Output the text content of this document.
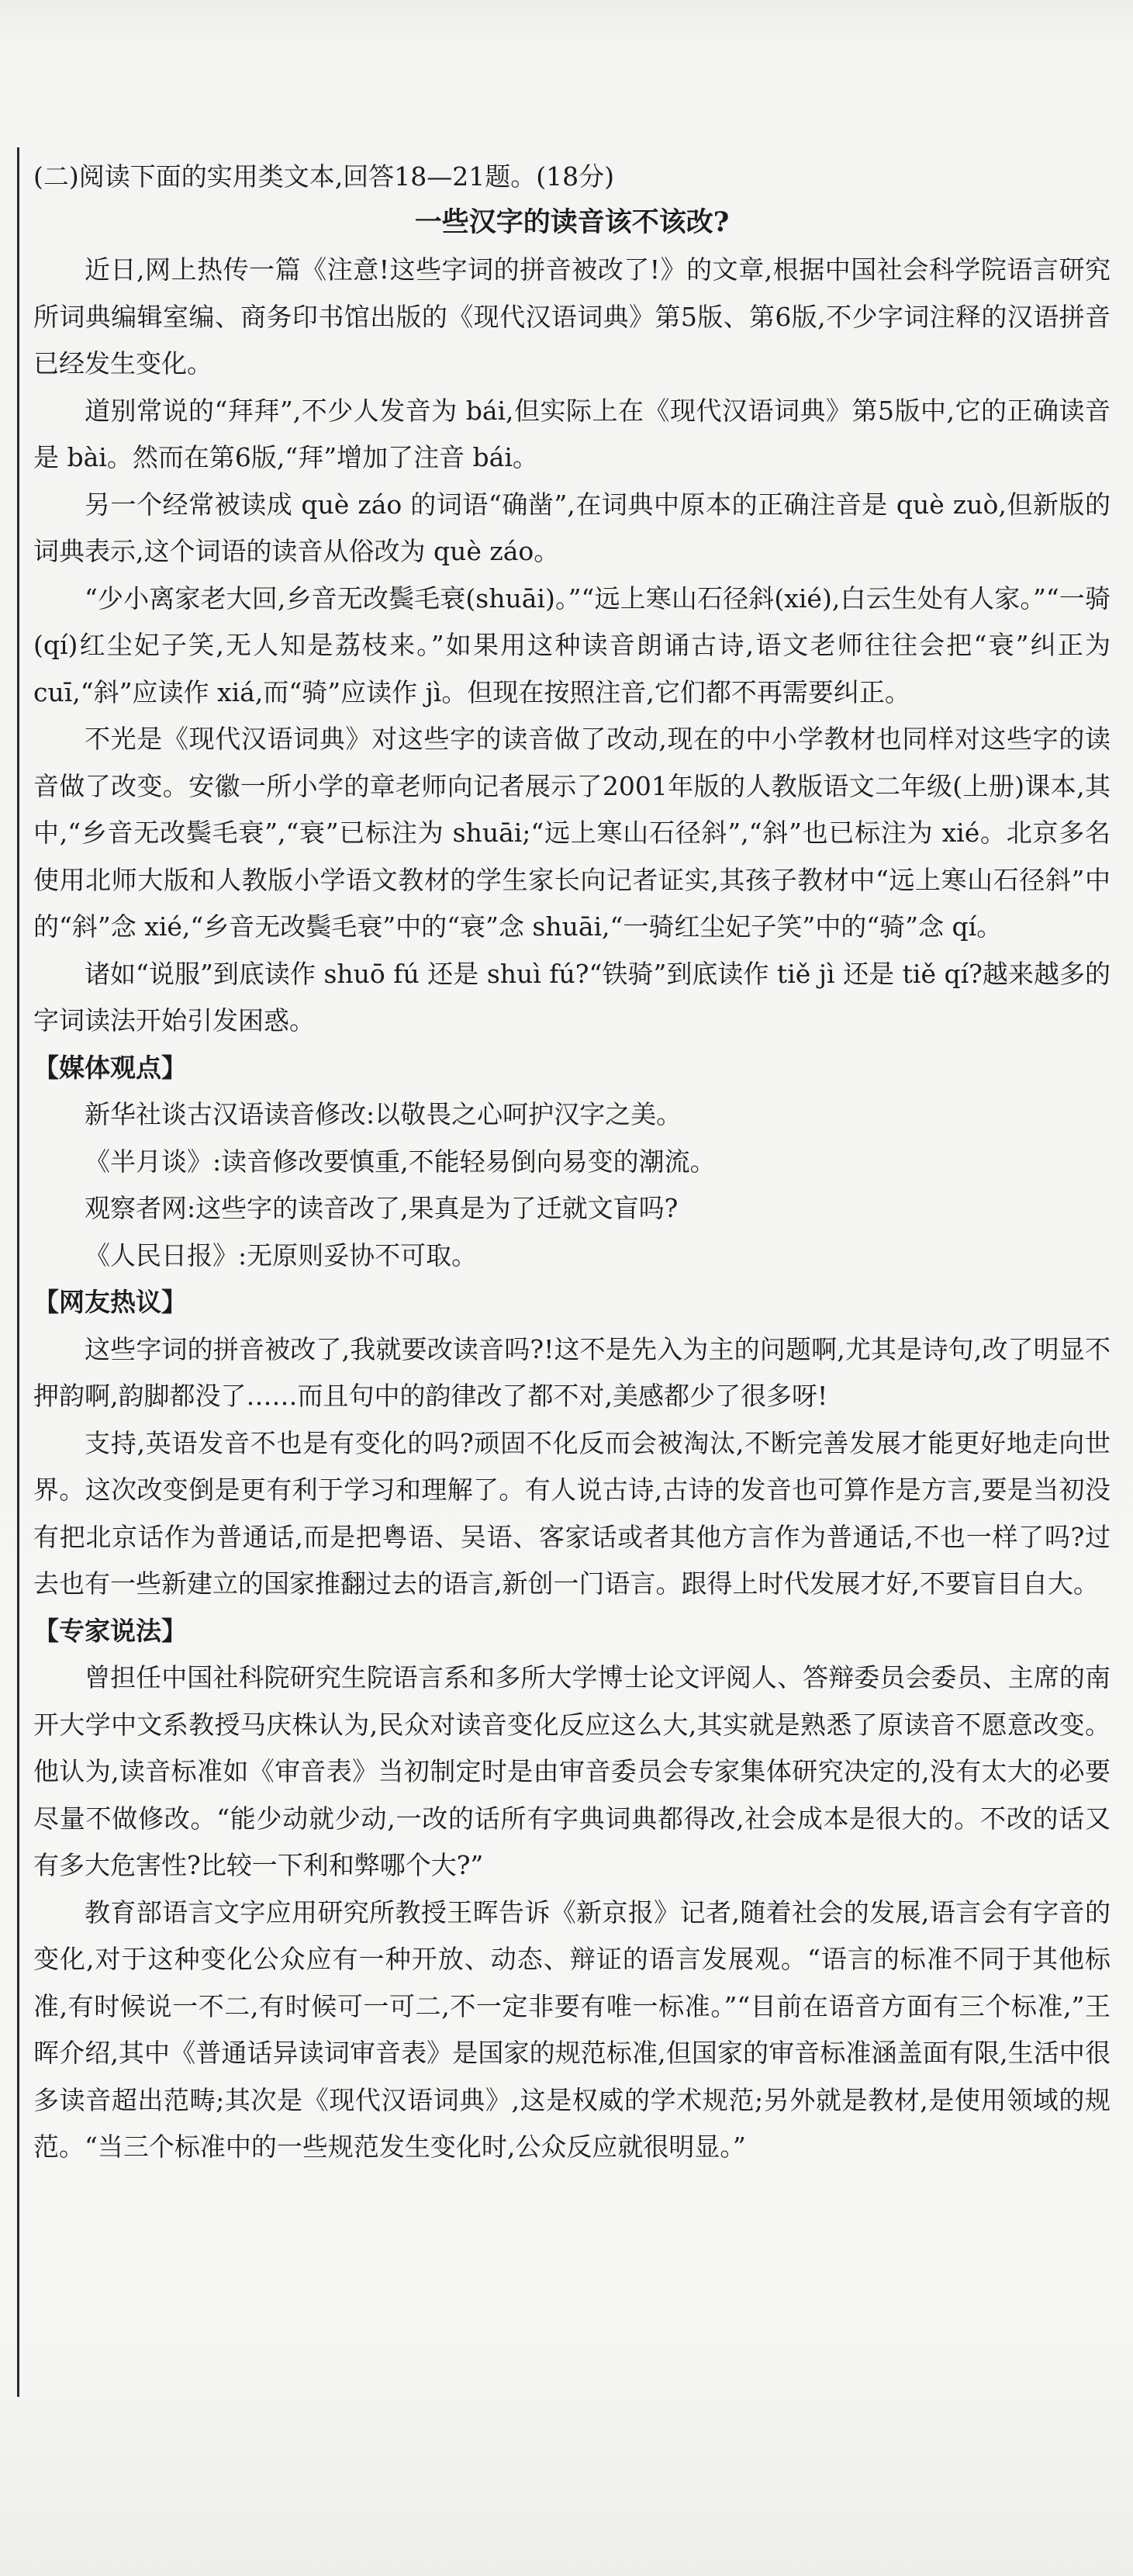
(二)阅读下面的实用类文本,回答18—21题。(18分)

一些汉字的读音该不该改?

近日,网上热传一篇《注意!这些字词的拼音被改了!》的文章,根据中国社会科学院语言研究所词典编辑室编、商务印书馆出版的《现代汉语词典》第5版、第6版,不少字词注释的汉语拼音已经发生变化。

道别常说的“拜拜”,不少人发音为 bái,但实际上在《现代汉语词典》第5版中,它的正确读音是 bài。然而在第6版,“拜”增加了注音 bái。

另一个经常被读成 què záo 的词语“确凿”,在词典中原本的正确注音是 què zuò,但新版的词典表示,这个词语的读音从俗改为 què záo。

“少小离家老大回,乡音无改鬓毛衰(shuāi)。”“远上寒山石径斜(xié),白云生处有人家。”“一骑(qí)红尘妃子笑,无人知是荔枝来。”如果用这种读音朗诵古诗,语文老师往往会把“衰”纠正为 cuī,“斜”应读作 xiá,而“骑”应读作 jì。但现在按照注音,它们都不再需要纠正。

不光是《现代汉语词典》对这些字的读音做了改动,现在的中小学教材也同样对这些字的读音做了改变。安徽一所小学的章老师向记者展示了2001年版的人教版语文二年级(上册)课本,其中,“乡音无改鬓毛衰”,“衰”已标注为 shuāi;“远上寒山石径斜”,“斜”也已标注为 xié。北京多名使用北师大版和人教版小学语文教材的学生家长向记者证实,其孩子教材中“远上寒山石径斜”中的“斜”念 xié,“乡音无改鬓毛衰”中的“衰”念 shuāi,“一骑红尘妃子笑”中的“骑”念 qí。

诸如“说服”到底读作 shuō fú 还是 shuì fú?“铁骑”到底读作 tiě jì 还是 tiě qí?越来越多的字词读法开始引发困惑。

【媒体观点】

新华社谈古汉语读音修改:以敬畏之心呵护汉字之美。

《半月谈》:读音修改要慎重,不能轻易倒向易变的潮流。

观察者网:这些字的读音改了,果真是为了迁就文盲吗?

《人民日报》:无原则妥协不可取。

【网友热议】

这些字词的拼音被改了,我就要改读音吗?!这不是先入为主的问题啊,尤其是诗句,改了明显不押韵啊,韵脚都没了……而且句中的韵律改了都不对,美感都少了很多呀!

支持,英语发音不也是有变化的吗?顽固不化反而会被淘汰,不断完善发展才能更好地走向世界。这次改变倒是更有利于学习和理解了。有人说古诗,古诗的发音也可算作是方言,要是当初没有把北京话作为普通话,而是把粤语、吴语、客家话或者其他方言作为普通话,不也一样了吗?过去也有一些新建立的国家推翻过去的语言,新创一门语言。跟得上时代发展才好,不要盲目自大。

【专家说法】

曾担任中国社科院研究生院语言系和多所大学博士论文评阅人、答辩委员会委员、主席的南开大学中文系教授马庆株认为,民众对读音变化反应这么大,其实就是熟悉了原读音不愿意改变。他认为,读音标准如《审音表》当初制定时是由审音委员会专家集体研究决定的,没有太大的必要尽量不做修改。“能少动就少动,一改的话所有字典词典都得改,社会成本是很大的。不改的话又有多大危害性?比较一下利和弊哪个大?”

教育部语言文字应用研究所教授王晖告诉《新京报》记者,随着社会的发展,语言会有字音的变化,对于这种变化公众应有一种开放、动态、辩证的语言发展观。“语言的标准不同于其他标准,有时候说一不二,有时候可一可二,不一定非要有唯一标准。”“目前在语音方面有三个标准,”王晖介绍,其中《普通话异读词审音表》是国家的规范标准,但国家的审音标准涵盖面有限,生活中很多读音超出范畴;其次是《现代汉语词典》,这是权威的学术规范;另外就是教材,是使用领域的规范。“当三个标准中的一些规范发生变化时,公众反应就很明显。”
